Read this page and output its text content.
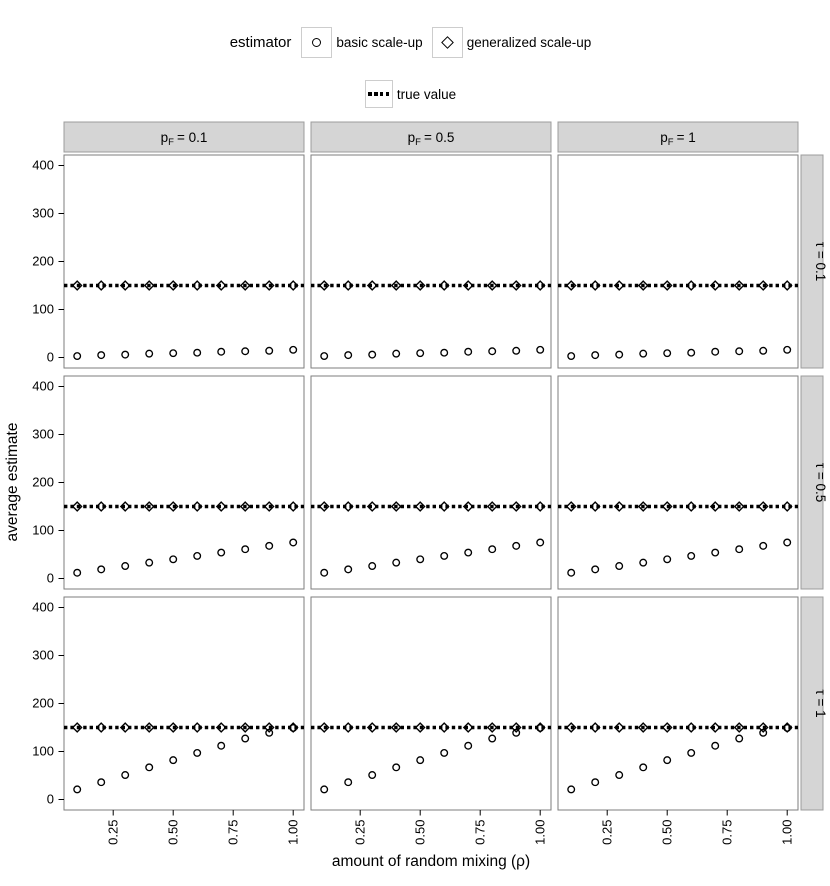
$p_F = 0.1$	$p_F = 0.5$	$p_F = 1$
τ = 0.1
τ = 0.5
τ = 1
0
100
200
300
400
0
100
200
300
400
0
100
200
300
400
0.25	0.50	0.75	1.00	0.25	0.50	0.75	1.00	0.25	0.50	0.75	1.00
amount of random mixing (ρ)
average estimate
estimator	basic scale-up	generalized scale-up
true value
